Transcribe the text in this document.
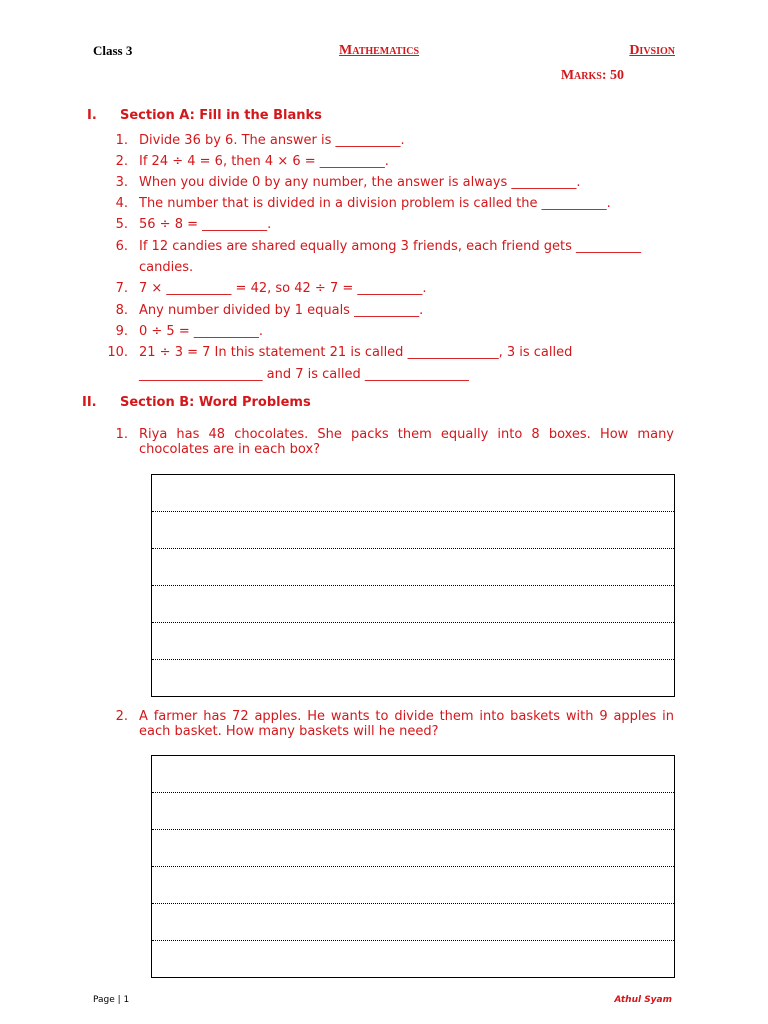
Class 3	Mathematics	Divsion
Marks: 50
I. Section A: Fill in the Blanks
1. Divide 36 by 6. The answer is __________.
2. If 24 ÷ 4 = 6, then 4 × 6 = __________.
3. When you divide 0 by any number, the answer is always __________.
4. The number that is divided in a division problem is called the __________.
5. 56 ÷ 8 = __________.
6. If 12 candies are shared equally among 3 friends, each friend gets __________
candies.
7. 7 × __________ = 42, so 42 ÷ 7 = __________.
8. Any number divided by 1 equals __________.
9. 0 ÷ 5 = __________.
10. 21 ÷ 3 = 7 In this statement 21 is called ______________, 3 is called
___________________ and 7 is called ________________
II. Section B: Word Problems
1. Riya has 48 chocolates. She packs them equally into 8 boxes. How many chocolates are in each box?
2. A farmer has 72 apples. He wants to divide them into baskets with 9 apples in each basket. How many baskets will he need?
Page | 1	Athul Syam
